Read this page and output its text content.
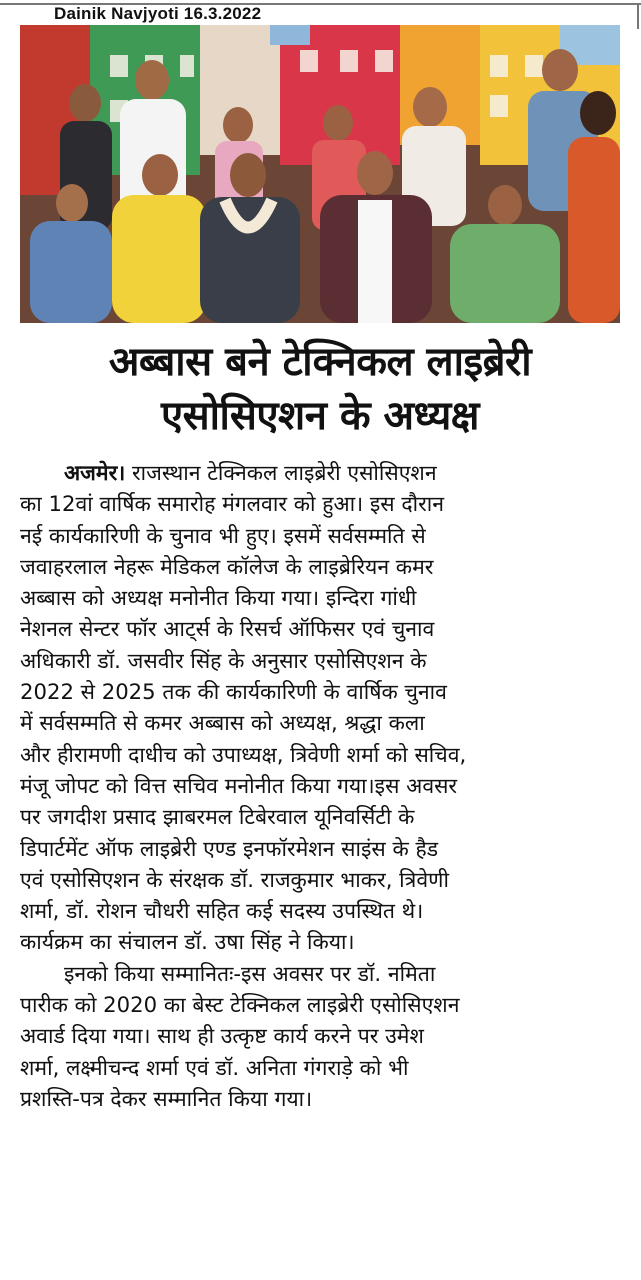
Dainik Navjyoti 16.3.2022
अब्बास बने टेक्निकल लाइब्रेरी
एसोसिएशन के अध्यक्ष
अजमेर। राजस्थान टेक्निकल लाइब्रेरी एसोसिएशन
का 12वां वार्षिक समारोह मंगलवार को हुआ। इस दौरान
नई कार्यकारिणी के चुनाव भी हुए। इसमें सर्वसम्मति से
जवाहरलाल नेहरू मेडिकल कॉलेज के लाइब्रेरियन कमर
अब्बास को अध्यक्ष मनोनीत किया गया। इन्दिरा गांधी
नेशनल सेन्टर फॉर आट्‌र्स के रिसर्च ऑफिसर एवं चुनाव
अधिकारी डॉ. जसवीर सिंह के अनुसार एसोसिएशन के
2022 से 2025 तक की कार्यकारिणी के वार्षिक चुनाव
में सर्वसम्मति से कमर अब्बास को अध्यक्ष, श्रद्धा कला
और हीरामणी दाधीच को उपाध्यक्ष, त्रिवेणी शर्मा को सचिव,
मंजू जोपट को वित्त सचिव मनोनीत किया गया।इस अवसर
पर जगदीश प्रसाद झाबरमल टिबेरवाल यूनिवर्सिटी के
डिपार्टमेंट ऑफ लाइब्रेरी एण्ड इनफॉरमेशन साइंस के हैड
एवं एसोसिएशन के संरक्षक डॉ. राजकुमार भाकर, त्रिवेणी
शर्मा, डॉ. रोशन चौधरी सहित कई सदस्य उपस्थित थे।
कार्यक्रम का संचालन डॉ. उषा सिंह ने किया।
इनको किया सम्मानितः-इस अवसर पर डॉ. नमिता
पारीक को 2020 का बेस्ट टेक्निकल लाइब्रेरी एसोसिएशन
अवार्ड दिया गया। साथ ही उत्कृष्ट कार्य करने पर उमेश
शर्मा, लक्ष्मीचन्द शर्मा एवं डॉ. अनिता गंगराड़े को भी
प्रशस्ति-पत्र देकर सम्मानित किया गया।
